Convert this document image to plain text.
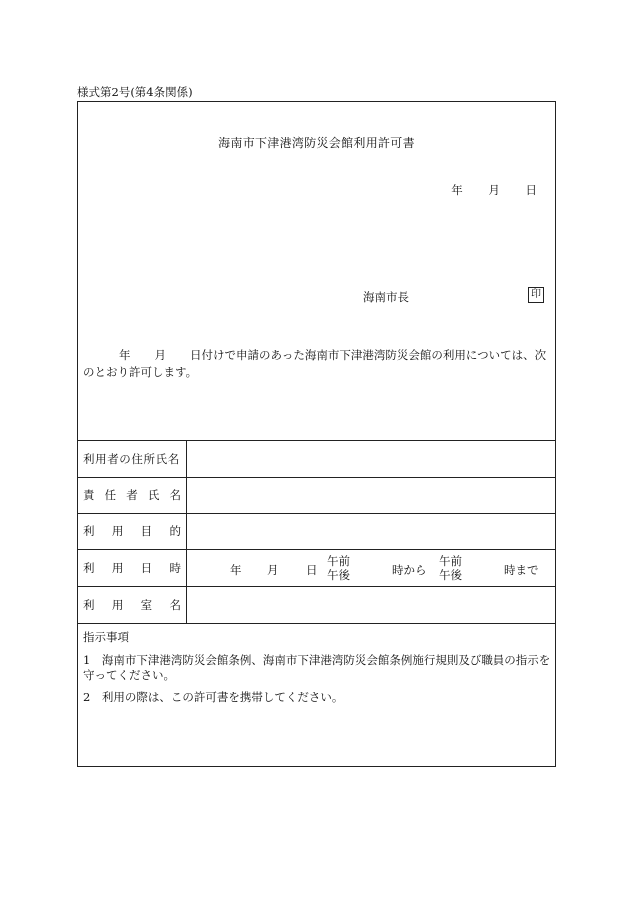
様式第2号(第4条関係)
海南市下津港湾防災会館利用許可書
年 月 日
海南市長	印
年 月 日付けで申請のあった海南市下津港湾防災会館の利用については、次のとおり許可します。
利用者の住所氏名
責 任 者 氏 名
利 用 目 的
利 用 日 時	年 月 日
午前
午後	時から
午前
午後	時まで
利 用 室 名
指示事項
1　海南市下津港湾防災会館条例、海南市下津港湾防災会館条例施行規則及び職員の指示を守ってください。
2　利用の際は、この許可書を携帯してください。
